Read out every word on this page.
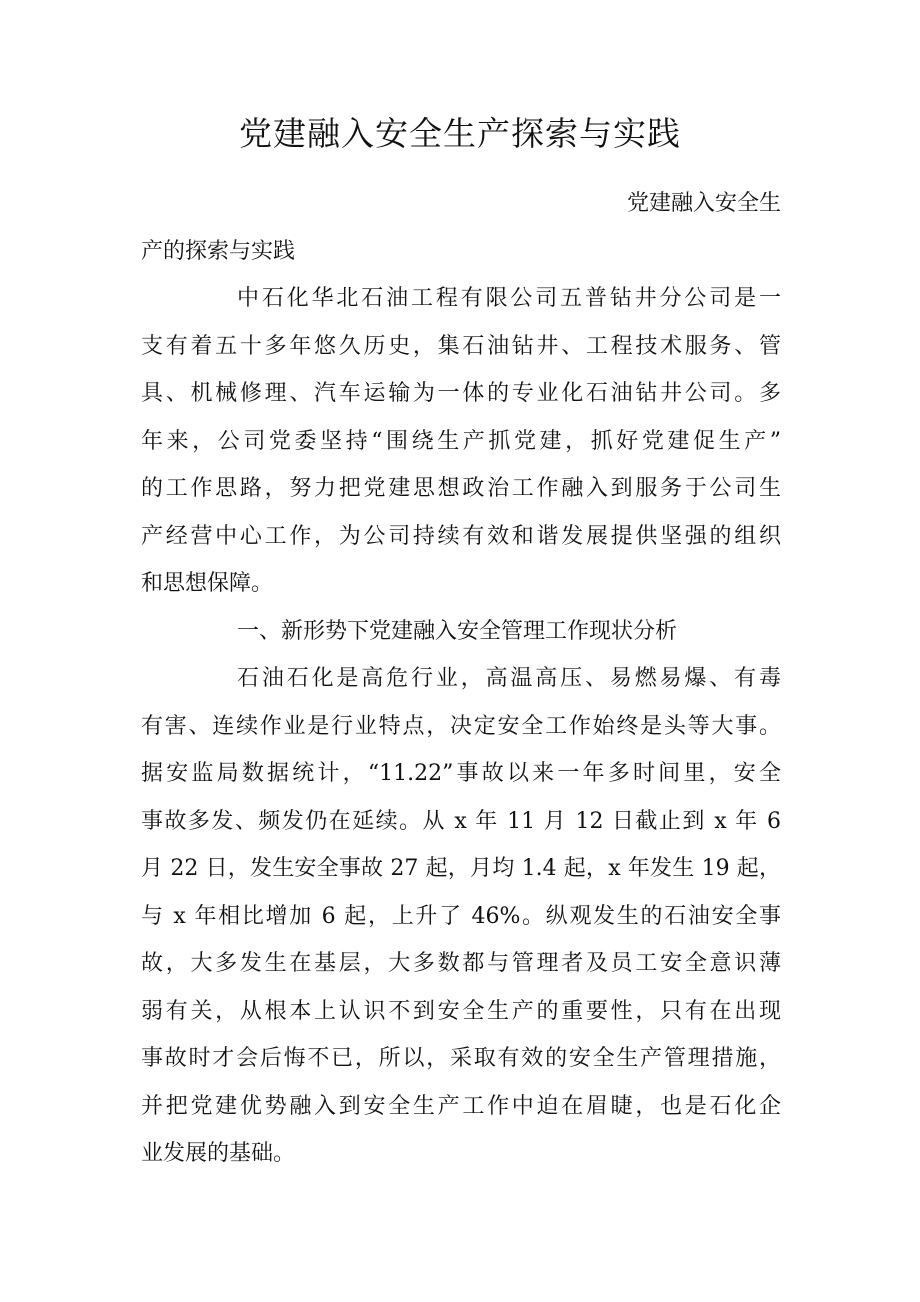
党建融入安全生产探索与实践
党建融入安全生
产的探索与实践
中石化华北石油工程有限公司五普钻井分公司是一
支有着五十多年悠久历史，集石油钻井、工程技术服务、管
具、机械修理、汽车运输为一体的专业化石油钻井公司。多
年来，公司党委坚持“围绕生产抓党建，抓好党建促生产”
的工作思路，努力把党建思想政治工作融入到服务于公司生
产经营中心工作，为公司持续有效和谐发展提供坚强的组织
和思想保障。
一、新形势下党建融入安全管理工作现状分析
石油石化是高危行业，高温高压、易燃易爆、有毒
有害、连续作业是行业特点，决定安全工作始终是头等大事。
据安监局数据统计，“11.22”事故以来一年多时间里，安全
事故多发、频发仍在延续。从 x 年 11 月 12 日截止到 x 年 6
月 22 日，发生安全事故 27 起，月均 1.4 起，x 年发生 19 起，
与 x 年相比增加 6 起，上升了 46%。纵观发生的石油安全事
故，大多发生在基层，大多数都与管理者及员工安全意识薄
弱有关，从根本上认识不到安全生产的重要性，只有在出现
事故时才会后悔不已，所以，采取有效的安全生产管理措施，
并把党建优势融入到安全生产工作中迫在眉睫，也是石化企
业发展的基础。
